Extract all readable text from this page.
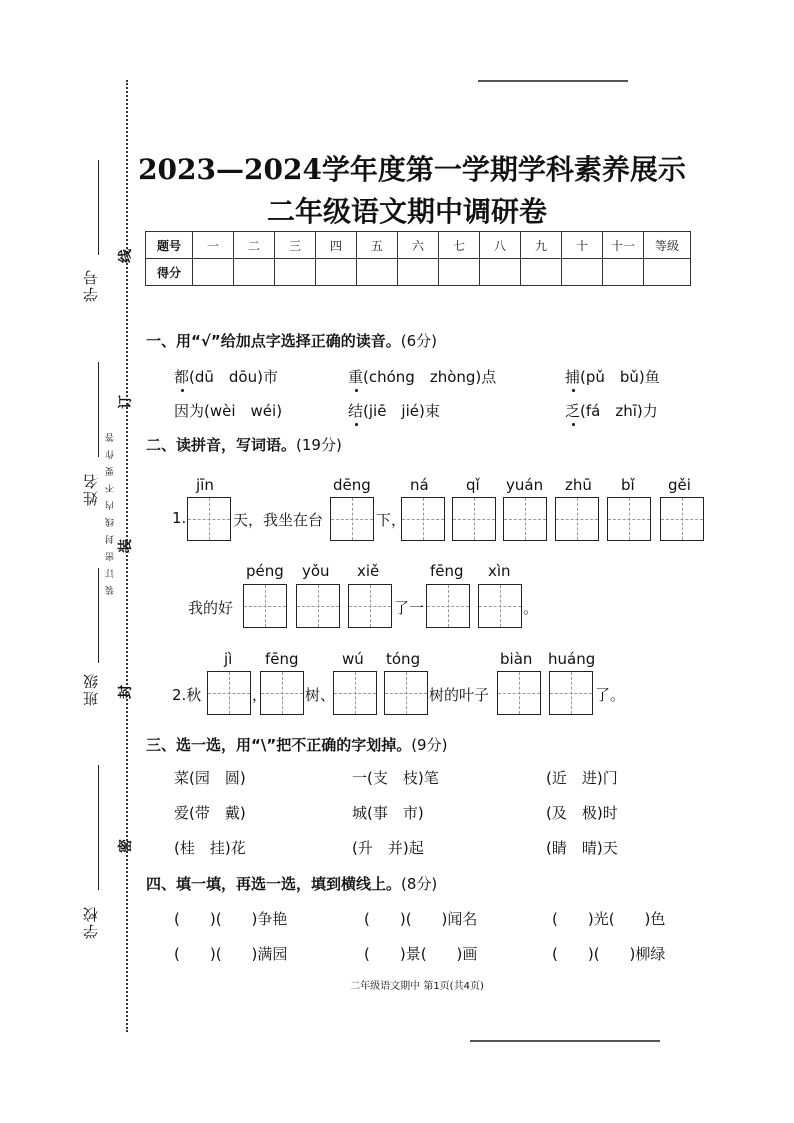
学号
姓名
班级
学校
线
订
装
封
密
装订密封线内不要作答
2023—2024学年度第一学期学科素养展示
二年级语文期中调研卷
题号	一	二	三	四	五	六	七	八	九	十	十一	等级
得分												
一、用“√”给加点字选择正确的读音。(6分)
都(dū　dōu)市	重(chóng　zhòng)点	捕(pǔ　bǔ)鱼
因为(wèi　wéi)	结(jiē　jié)束	乏(fá　zhī)力
二、读拼音，写词语。(19分)
jīn	dēng	ná qǐ yuán zhū bǐ gěi
1.	天，我坐在台	下，
péng yǒu xiě	fēng xìn
我的好	了一	。
jì fēng	wú tóng	biàn huáng
2.秋	，	树、	树的叶子	了。
三、选一选，用“\”把不正确的字划掉。(9分)
菜(园　圆)	一(支　枝)笔	(近　进)门
爱(带　戴)	城(事　市)	(及　极)时
(桂　挂)花	(升　并)起	(睛　晴)天
四、填一填，再选一选，填到横线上。(8分)
(　　)(　　)争艳	(　　)(　　)闻名	(　　)光(　　)色
(　　)(　　)满园	(　　)景(　　)画	(　　)(　　)柳绿
二年级语文期中 第1页(共4页)
